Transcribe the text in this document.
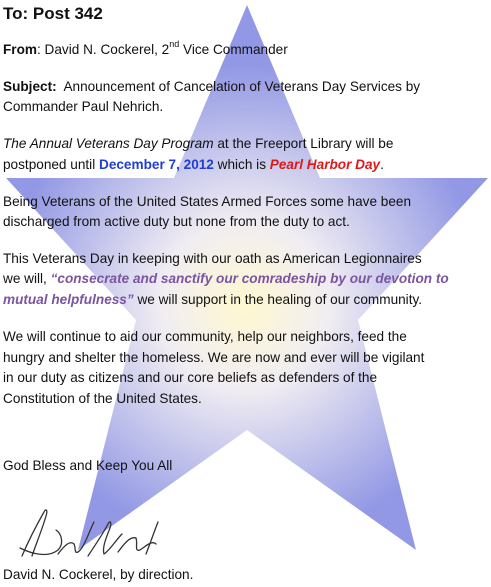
To: Post 342
From: David N. Cockerel, 2nd Vice Commander
Subject: Announcement of Cancelation of Veterans Day Services by
Commander Paul Nehrich.
The Annual Veterans Day Program at the Freeport Library will be
postponed until December 7, 2012 which is Pearl Harbor Day.
Being Veterans of the United States Armed Forces some have been
discharged from active duty but none from the duty to act.
This Veterans Day in keeping with our oath as American Legionnaires
we will, “consecrate and sanctify our comradeship by our devotion to
mutual helpfulness” we will support in the healing of our community.
We will continue to aid our community, help our neighbors, feed the
hungry and shelter the homeless. We are now and ever will be vigilant
in our duty as citizens and our core beliefs as defenders of the
Constitution of the United States.
God Bless and Keep You All
David N. Cockerel, by direction.
